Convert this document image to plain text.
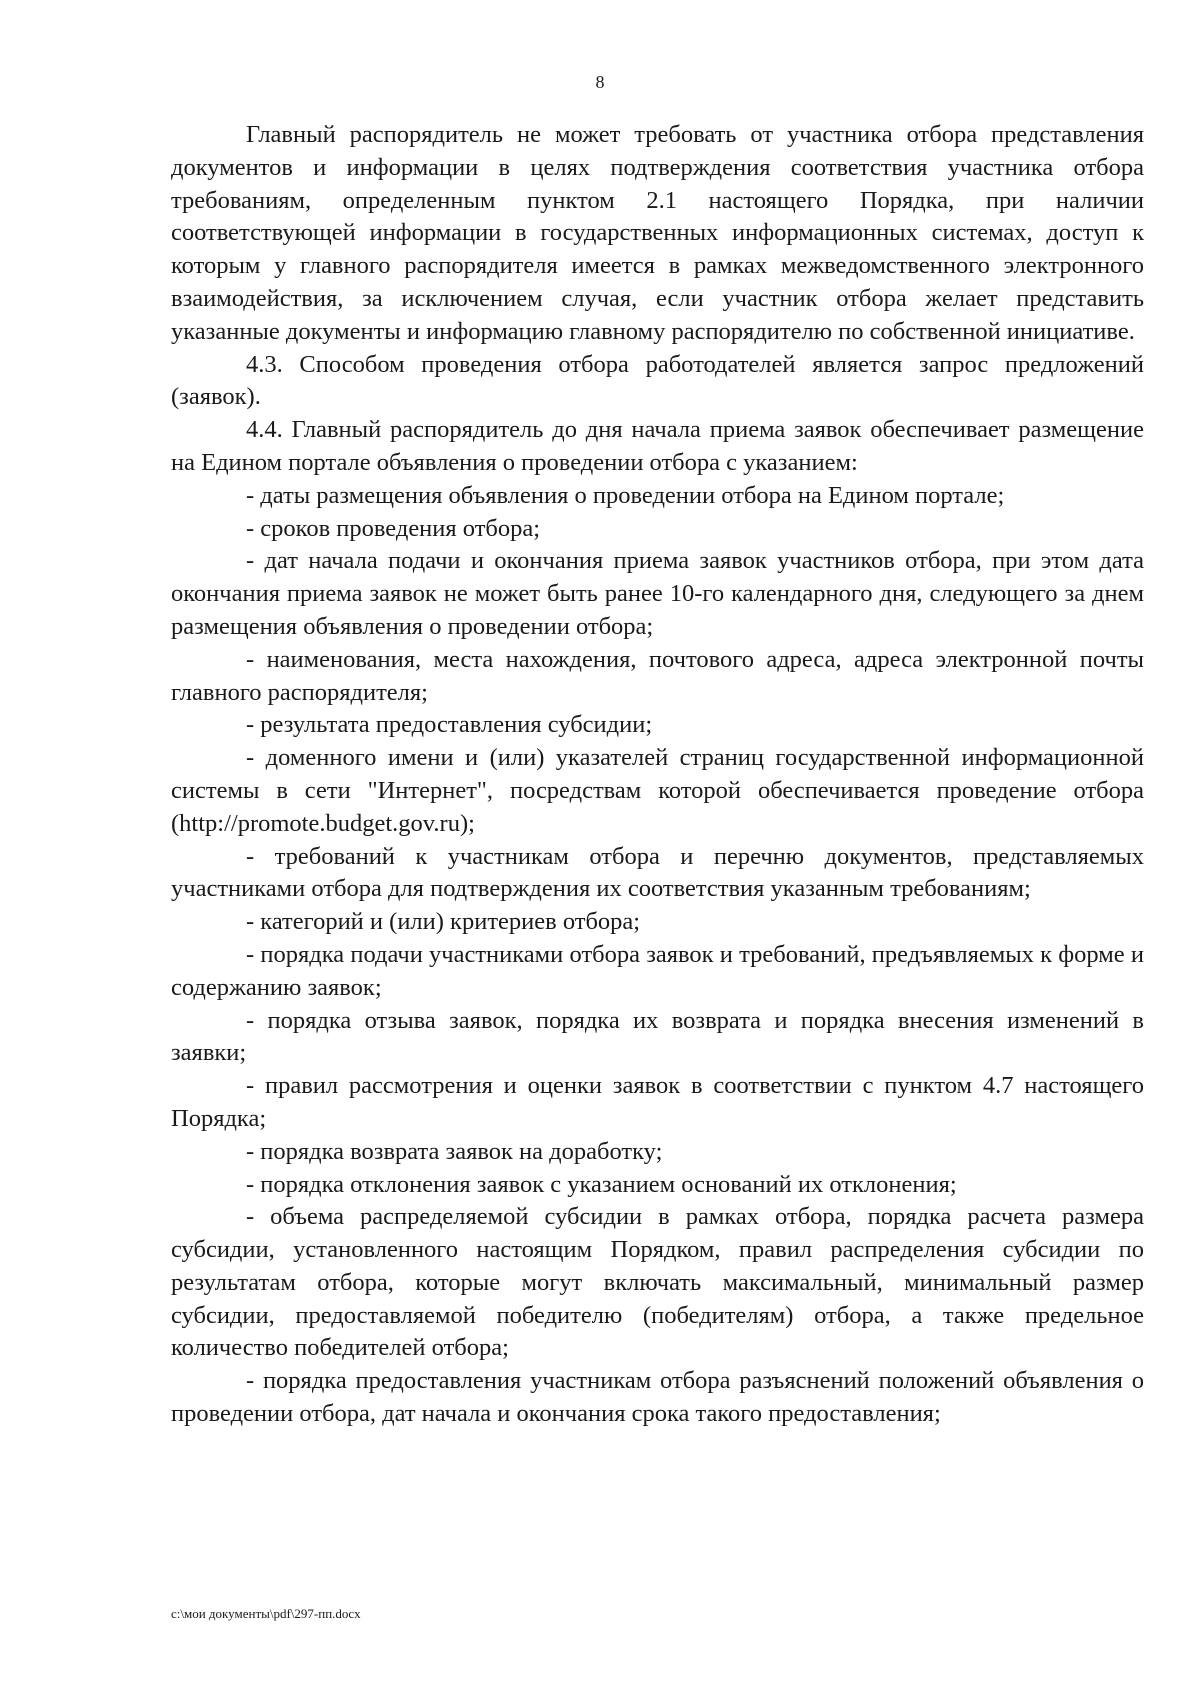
8

Главный распорядитель не может требовать от участника отбора представления документов и информации в целях подтверждения соответствия участника отбора требованиям, определенным пунктом 2.1 настоящего Порядка, при наличии соответствующей информации в государственных информационных системах, доступ к которым у главного распорядителя имеется в рамках межведомственного электронного взаимодействия, за исключением случая, если участник отбора желает представить указанные документы и информацию главному распорядителю по собственной инициативе.

4.3. Способом проведения отбора работодателей является запрос предложений (заявок).

4.4. Главный распорядитель до дня начала приема заявок обеспечивает размещение на Едином портале объявления о проведении отбора с указанием:

- даты размещения объявления о проведении отбора на Едином портале;

- сроков проведения отбора;

- дат начала подачи и окончания приема заявок участников отбора, при этом дата окончания приема заявок не может быть ранее 10-го календарного дня, следующего за днем размещения объявления о проведении отбора;

- наименования, места нахождения, почтового адреса, адреса электронной почты главного распорядителя;

- результата предоставления субсидии;

- доменного имени и (или) указателей страниц государственной информационной системы в сети "Интернет", посредствам которой обеспечивается проведение отбора (http://promote.budget.gov.ru);

- требований к участникам отбора и перечню документов, представляемых участниками отбора для подтверждения их соответствия указанным требованиям;

- категорий и (или) критериев отбора;

- порядка подачи участниками отбора заявок и требований, предъявляемых к форме и содержанию заявок;

- порядка отзыва заявок, порядка их возврата и порядка внесения изменений в заявки;

- правил рассмотрения и оценки заявок в соответствии с пунктом 4.7 настоящего Порядка;

- порядка возврата заявок на доработку;

- порядка отклонения заявок с указанием оснований их отклонения;

- объема распределяемой субсидии в рамках отбора, порядка расчета размера субсидии, установленного настоящим Порядком, правил распределения субсидии по результатам отбора, которые могут включать максимальный, минимальный размер субсидии, предоставляемой победителю (победителям) отбора, а также предельное количество победителей отбора;

- порядка предоставления участникам отбора разъяснений положений объявления о проведении отбора, дат начала и окончания срока такого предоставления;

c:\мои документы\pdf\297-пп.docx
